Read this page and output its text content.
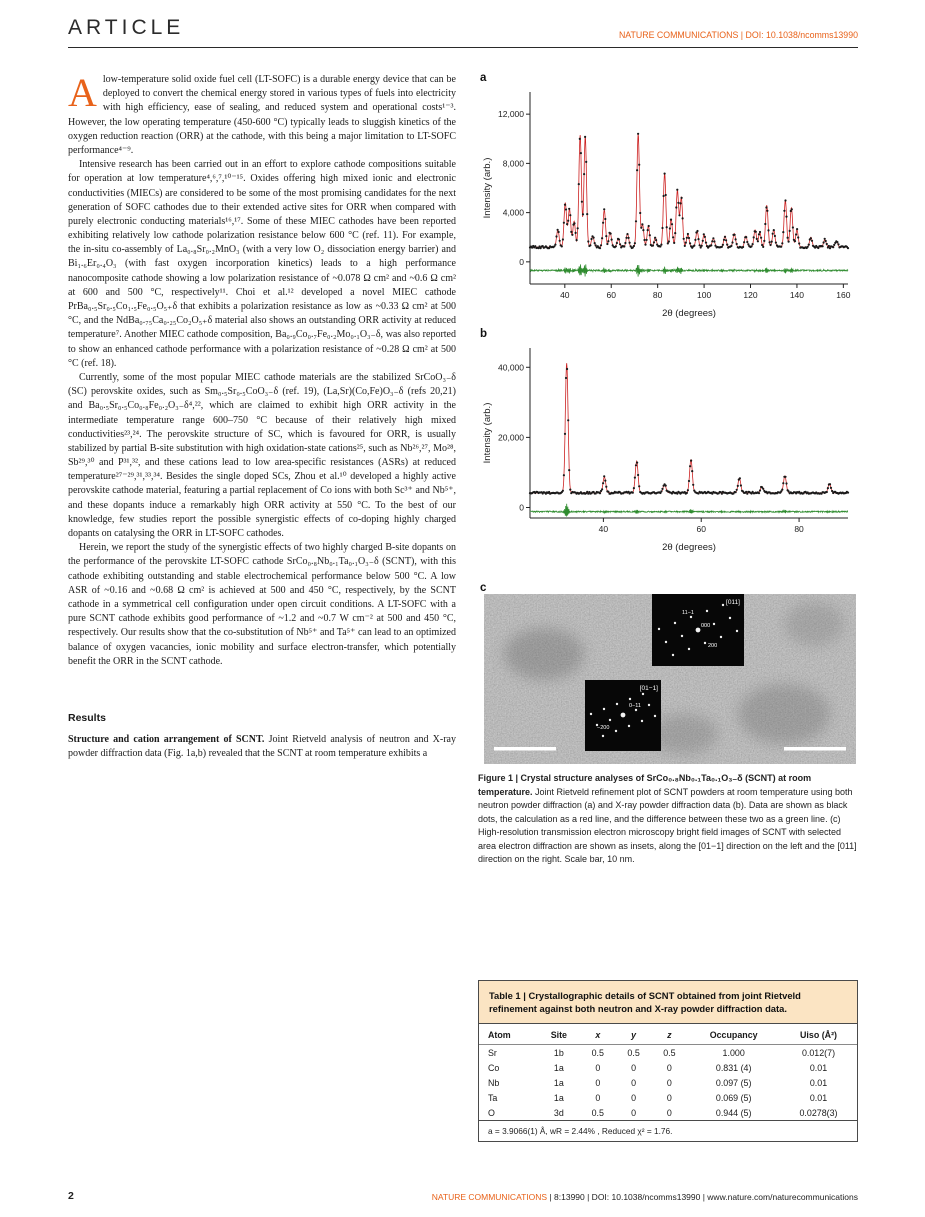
ARTICLE	NATURE COMMUNICATIONS | DOI: 10.1038/ncomms13990

Alow-temperature solid oxide fuel cell (LT-SOFC) is a durable energy device that can be deployed to convert the chemical energy stored in various types of fuels into electricity with high efficiency, ease of sealing, and reduced system and operational costs¹⁻³. However, the low operating temperature (450-600 °C) typically leads to sluggish kinetics of the oxygen reduction reaction (ORR) at the cathode, with this being a major limitation to LT-SOFC performance⁴⁻⁹.

Intensive research has been carried out in an effort to explore cathode compositions suitable for operation at low temperature⁴,⁶,⁷,¹⁰⁻¹⁵. Oxides offering high mixed ionic and electronic conductivities (MIECs) are considered to be some of the most promising candidates for the next generation of SOFC cathodes due to their extended active sites for ORR when compared with purely electronic conducting materials¹⁶,¹⁷. Some of these MIEC cathodes have been reported exhibiting relatively low cathode polarization resistance below 600 °C (ref. 11). For example, the in-situ co-assembly of La₀.₈Sr₀.₂MnO₃ (with a very low O₂ dissociation energy barrier) and Bi₁.₆Er₀.₄O₃ (with fast oxygen incorporation kinetics) leads to a high performance nanocomposite cathode showing a low polarization resistance of ~0.078 Ω cm² and ~0.6 Ω cm² at 600 and 500 °C, respectively¹¹. Choi et al.¹² developed a novel MIEC cathode PrBa₀.₅Sr₀.₅Co₁.₅Fe₀.₅O₅₊δ that exhibits a polarization resistance as low as ~0.33 Ω cm² at 500 °C, and the NdBa₀.₇₅Ca₀.₂₅Co₂O₅₊δ material also shows an outstanding ORR activity at reduced temperature⁷. Another MIEC cathode composition, Ba₀.₉Co₀.₇Fe₀.₂Mo₀.₁O₃₋δ, was also reported to show an enhanced cathode performance with a polarization resistance of ~0.28 Ω cm² at 500 °C (ref. 18).

Currently, some of the most popular MIEC cathode materials are the stabilized SrCoO₃₋δ (SC) perovskite oxides, such as Sm₀.₅Sr₀.₅CoO₃₋δ (ref. 19), (La,Sr)(Co,Fe)O₃₋δ (refs 20,21) and Ba₀.₅Sr₀.₅Co₀.₈Fe₀.₂O₃₋δ⁴,²², which are claimed to exhibit high ORR activity in the intermediate temperature range 600–750 °C because of their relatively high mixed conductivities²³,²⁴. The perovskite structure of SC, which is favoured for ORR, is usually stabilized by partial B-site substitution with high oxidation-state cations²⁵, such as Nb²⁶,²⁷, Mo²⁸, Sb²⁹,³⁰ and P³¹,³², and these cations lead to low area-specific resistances (ASRs) at reduced temperature²⁷⁻²⁹,³¹,³³,³⁴. Besides the single doped SCs, Zhou et al.¹⁰ developed a highly active perovskite cathode material, featuring a partial replacement of Co ions with both Sc³⁺ and Nb⁵⁺, and these dopants induce a remarkably high ORR activity at 550 °C. To the best of our knowledge, few studies report the possible synergistic effects of co-doping highly charged dopants on catalysing the ORR in LT-SOFC cathodes.

Herein, we report the study of the synergistic effects of two highly charged B-site dopants on the performance of the perovskite LT-SOFC cathode SrCo₀.₈Nb₀.₁Ta₀.₁O₃₋δ (SCNT), with this cathode exhibiting outstanding and stable electrochemical performance below 500 °C. A low ASR of ~0.16 and ~0.68 Ω cm² is achieved at 500 and 450 °C, respectively, by the SCNT cathode in a symmetrical cell configuration under open circuit conditions. A LT-SOFC with a pure SCNT cathode exhibits good performance of ~1.2 and ~0.7 W cm⁻² at 500 and 450 °C, respectively. Our results show that the co-substitution of Nb⁵⁺ and Ta⁵⁺ can lead to an optimized balance of oxygen vacancies, ionic mobility and surface electron-transfer, which potentially benefit the ORR in the SCNT cathode.

Results

Structure and cation arrangement of SCNT. Joint Rietveld analysis of neutron and X-ray powder diffraction data (Fig. 1a,b) revealed that the SCNT at room temperature exhibits a

a
40	60	80	100	120	140	160
0
4,000
8,000
12,000
Intensity (arb.)
2θ (degrees)
b
40	60	80
0
20,000
40,000
Intensity (arb.)
2θ (degrees)
c
[011]
000
11−1
200
[01−1]
0−11
−200
Figure 1 | Crystal structure analyses of SrCo₀.₈Nb₀.₁Ta₀.₁O₃₋δ (SCNT) at room temperature. Joint Rietveld refinement plot of SCNT powders at room temperature using both neutron powder diffraction (a) and X-ray powder diffraction data (b). Data are shown as black dots, the calculation as a red line, and the difference between these two as a green line. (c) High-resolution transmission electron microscopy bright field images of SCNT with selected area electron diffraction are shown as insets, along the [01−1] direction on the left and the [011] direction on the right. Scale bar, 10 nm.
Table 1 | Crystallographic details of SCNT obtained from joint Rietveld refinement against both neutron and X-ray powder diffraction data.
Atom	Site	x	y	z	Occupancy	Uiso (Å²)
Sr	1b	0.5	0.5	0.5	1.000	0.012(7)
Co	1a	0	0	0	0.831 (4)	0.01
Nb	1a	0	0	0	0.097 (5)	0.01
Ta	1a	0	0	0	0.069 (5)	0.01
O	3d	0.5	0	0	0.944 (5)	0.0278(3)
a = 3.9066(1) Å, wR = 2.44% , Reduced χ² = 1.76.
2	NATURE COMMUNICATIONS | 8:13990 | DOI: 10.1038/ncomms13990 | www.nature.com/naturecommunications
